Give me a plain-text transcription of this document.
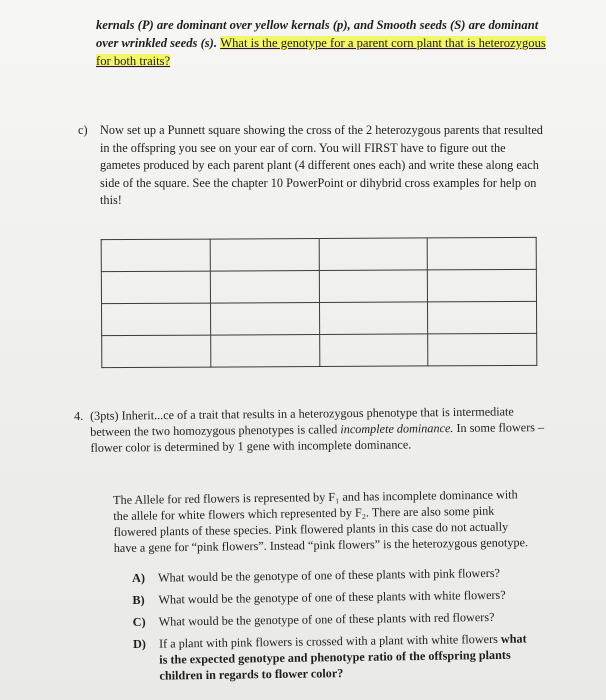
kernals (P) are dominant over yellow kernals (p), and Smooth seeds (S) are dominant over wrinkled seeds (s). What is the genotype for a parent corn plant that is heterozygous for both traits?
c) Now set up a Punnett square showing the cross of the 2 heterozygous parents that resulted in the offspring you see on your ear of corn. You will FIRST have to figure out the gametes produced by each parent plant (4 different ones each) and write these along each side of the square. See the chapter 10 PowerPoint or dihybrid cross examples for help on this!

4. (3pts) Inherit...ce of a trait that results in a heterozygous phenotype that is intermediate between the two homozygous phenotypes is called incomplete dominance. In some flowers – flower color is determined by 1 gene with incomplete dominance.
The Allele for red flowers is represented by F₁ and has incomplete dominance with the allele for white flowers which represented by F₂. There are also some pink flowered plants of these species. Pink flowered plants in this case do not actually have a gene for “pink flowers”. Instead “pink flowers” is the heterozygous genotype.
A) What would be the genotype of one of these plants with pink flowers?
B) What would be the genotype of one of these plants with white flowers?
C) What would be the genotype of one of these plants with red flowers?
D) If a plant with pink flowers is crossed with a plant with white flowers what is the expected genotype and phenotype ratio of the offspring plants children in regards to flower color?
